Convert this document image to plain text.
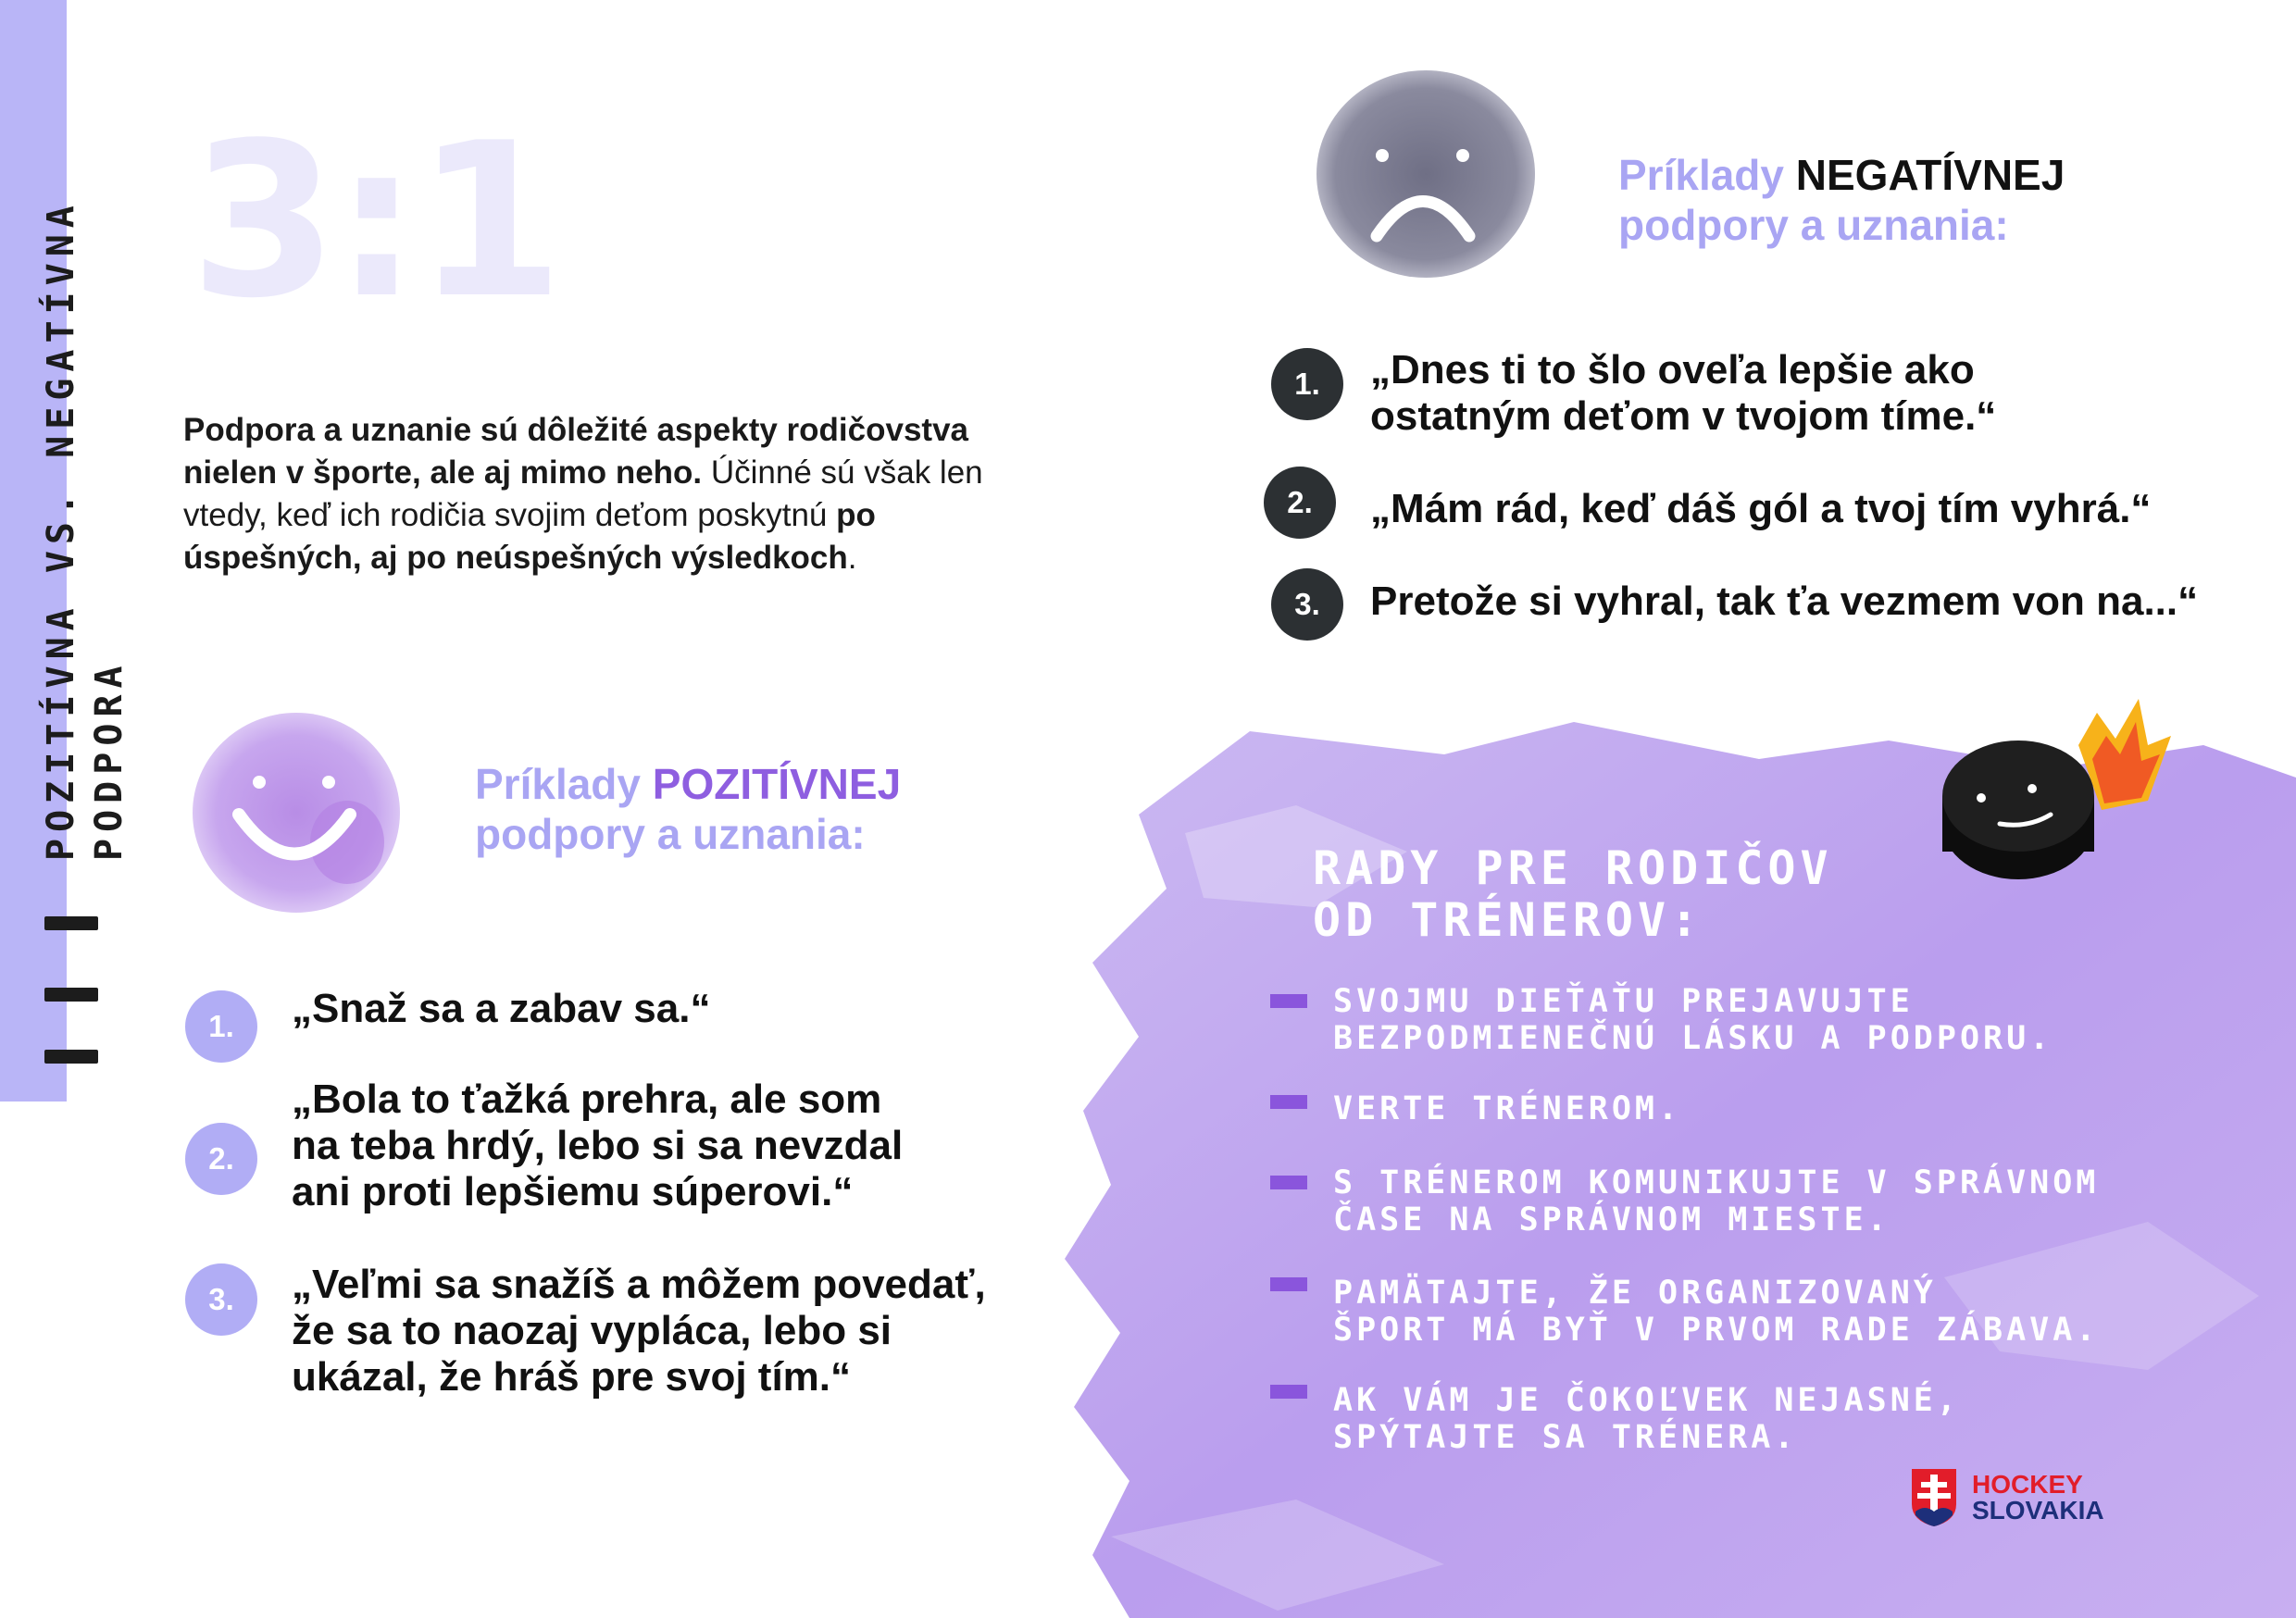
POZITÍVNA VS. NEGATÍVNA PODPORA
3:1
Podpora a uznanie sú dôležité aspekty rodičovstva nielen v športe, ale aj mimo neho. Účinné sú však len vtedy, keď ich rodičia svojim deťom poskytnú po úspešných, aj po neúspešných výsledkoch.
Príklady POZITÍVNEJ
podpory a uznania:
1.	„Snaž sa a zabav sa.“
2.
„Bola to ťažká prehra, ale som na teba hrdý, lebo si sa nevzdal ani proti lepšiemu súperovi.“
3.	„Veľmi sa snažíš a môžem povedať, že sa to naozaj vypláca, lebo si ukázal, že hráš pre svoj tím.“
Príklady NEGATÍVNEJ
podpory a uznania:
1.	„Dnes ti to šlo oveľa lepšie ako ostatným deťom v tvojom tíme.“
2.	„Mám rád, keď dáš gól a tvoj tím vyhrá.“
3.	Pretože si vyhral, tak ťa vezmem von na...“
RADY PRE RODIČOV
OD TRÉNEROV:
SVOJMU DIEŤAŤU PREJAVUJTE
BEZPODMIENEČNÚ LÁSKU A PODPORU.
VERTE TRÉNEROM.
S TRÉNEROM KOMUNIKUJTE V SPRÁVNOM
ČASE NA SPRÁVNOM MIESTE.
PAMÄTAJTE, ŽE ORGANIZOVANÝ
ŠPORT MÁ BYŤ V PRVOM RADE ZÁBAVA.
AK VÁM JE ČOKOĽVEK NEJASNÉ,
SPÝTAJTE SA TRÉNERA.
HOCKEY
SLOVAKIA
